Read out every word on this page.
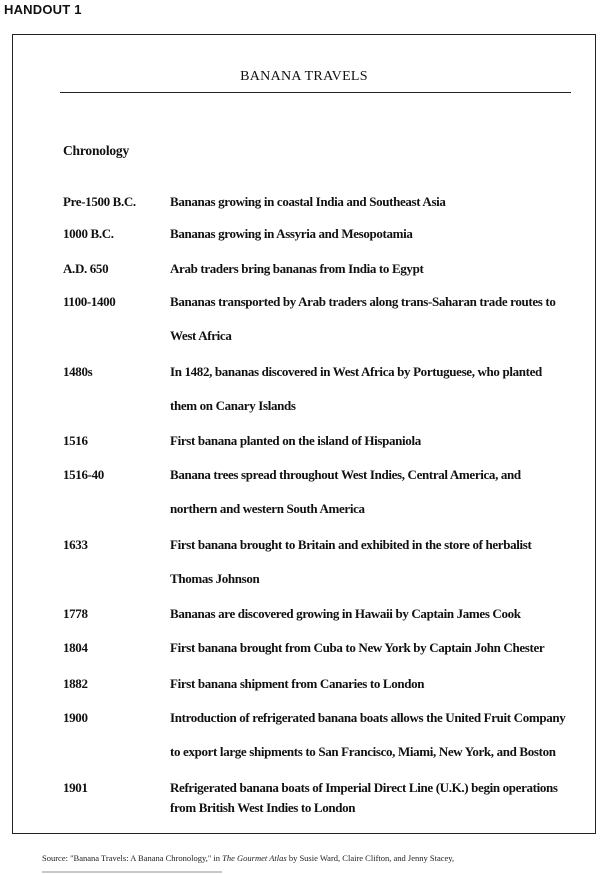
HANDOUT 1
BANANA TRAVELS
Chronology
Pre-1500 B.C.	Bananas growing in coastal India and Southeast Asia
1000 B.C.	Bananas growing in Assyria and Mesopotamia
A.D. 650	Arab traders bring bananas from India to Egypt
1100-1400	Bananas transported by Arab traders along trans-Saharan trade routes to
West Africa
1480s	In 1482, bananas discovered in West Africa by Portuguese, who planted
them on Canary Islands
1516	First banana planted on the island of Hispaniola
1516-40	Banana trees spread throughout West Indies, Central America, and
northern and western South America
1633	First banana brought to Britain and exhibited in the store of herbalist
Thomas Johnson
1778	Bananas are discovered growing in Hawaii by Captain James Cook
1804	First banana brought from Cuba to New York by Captain John Chester
1882	First banana shipment from Canaries to London
1900	Introduction of refrigerated banana boats allows the United Fruit Company
to export large shipments to San Francisco, Miami, New York, and Boston
1901	Refrigerated banana boats of Imperial Direct Line (U.K.) begin operations
from British West Indies to London
Source: "Banana Travels: A Banana Chronology," in The Gourmet Atlas by Susie Ward, Claire Clifton, and Jenny Stacey,
